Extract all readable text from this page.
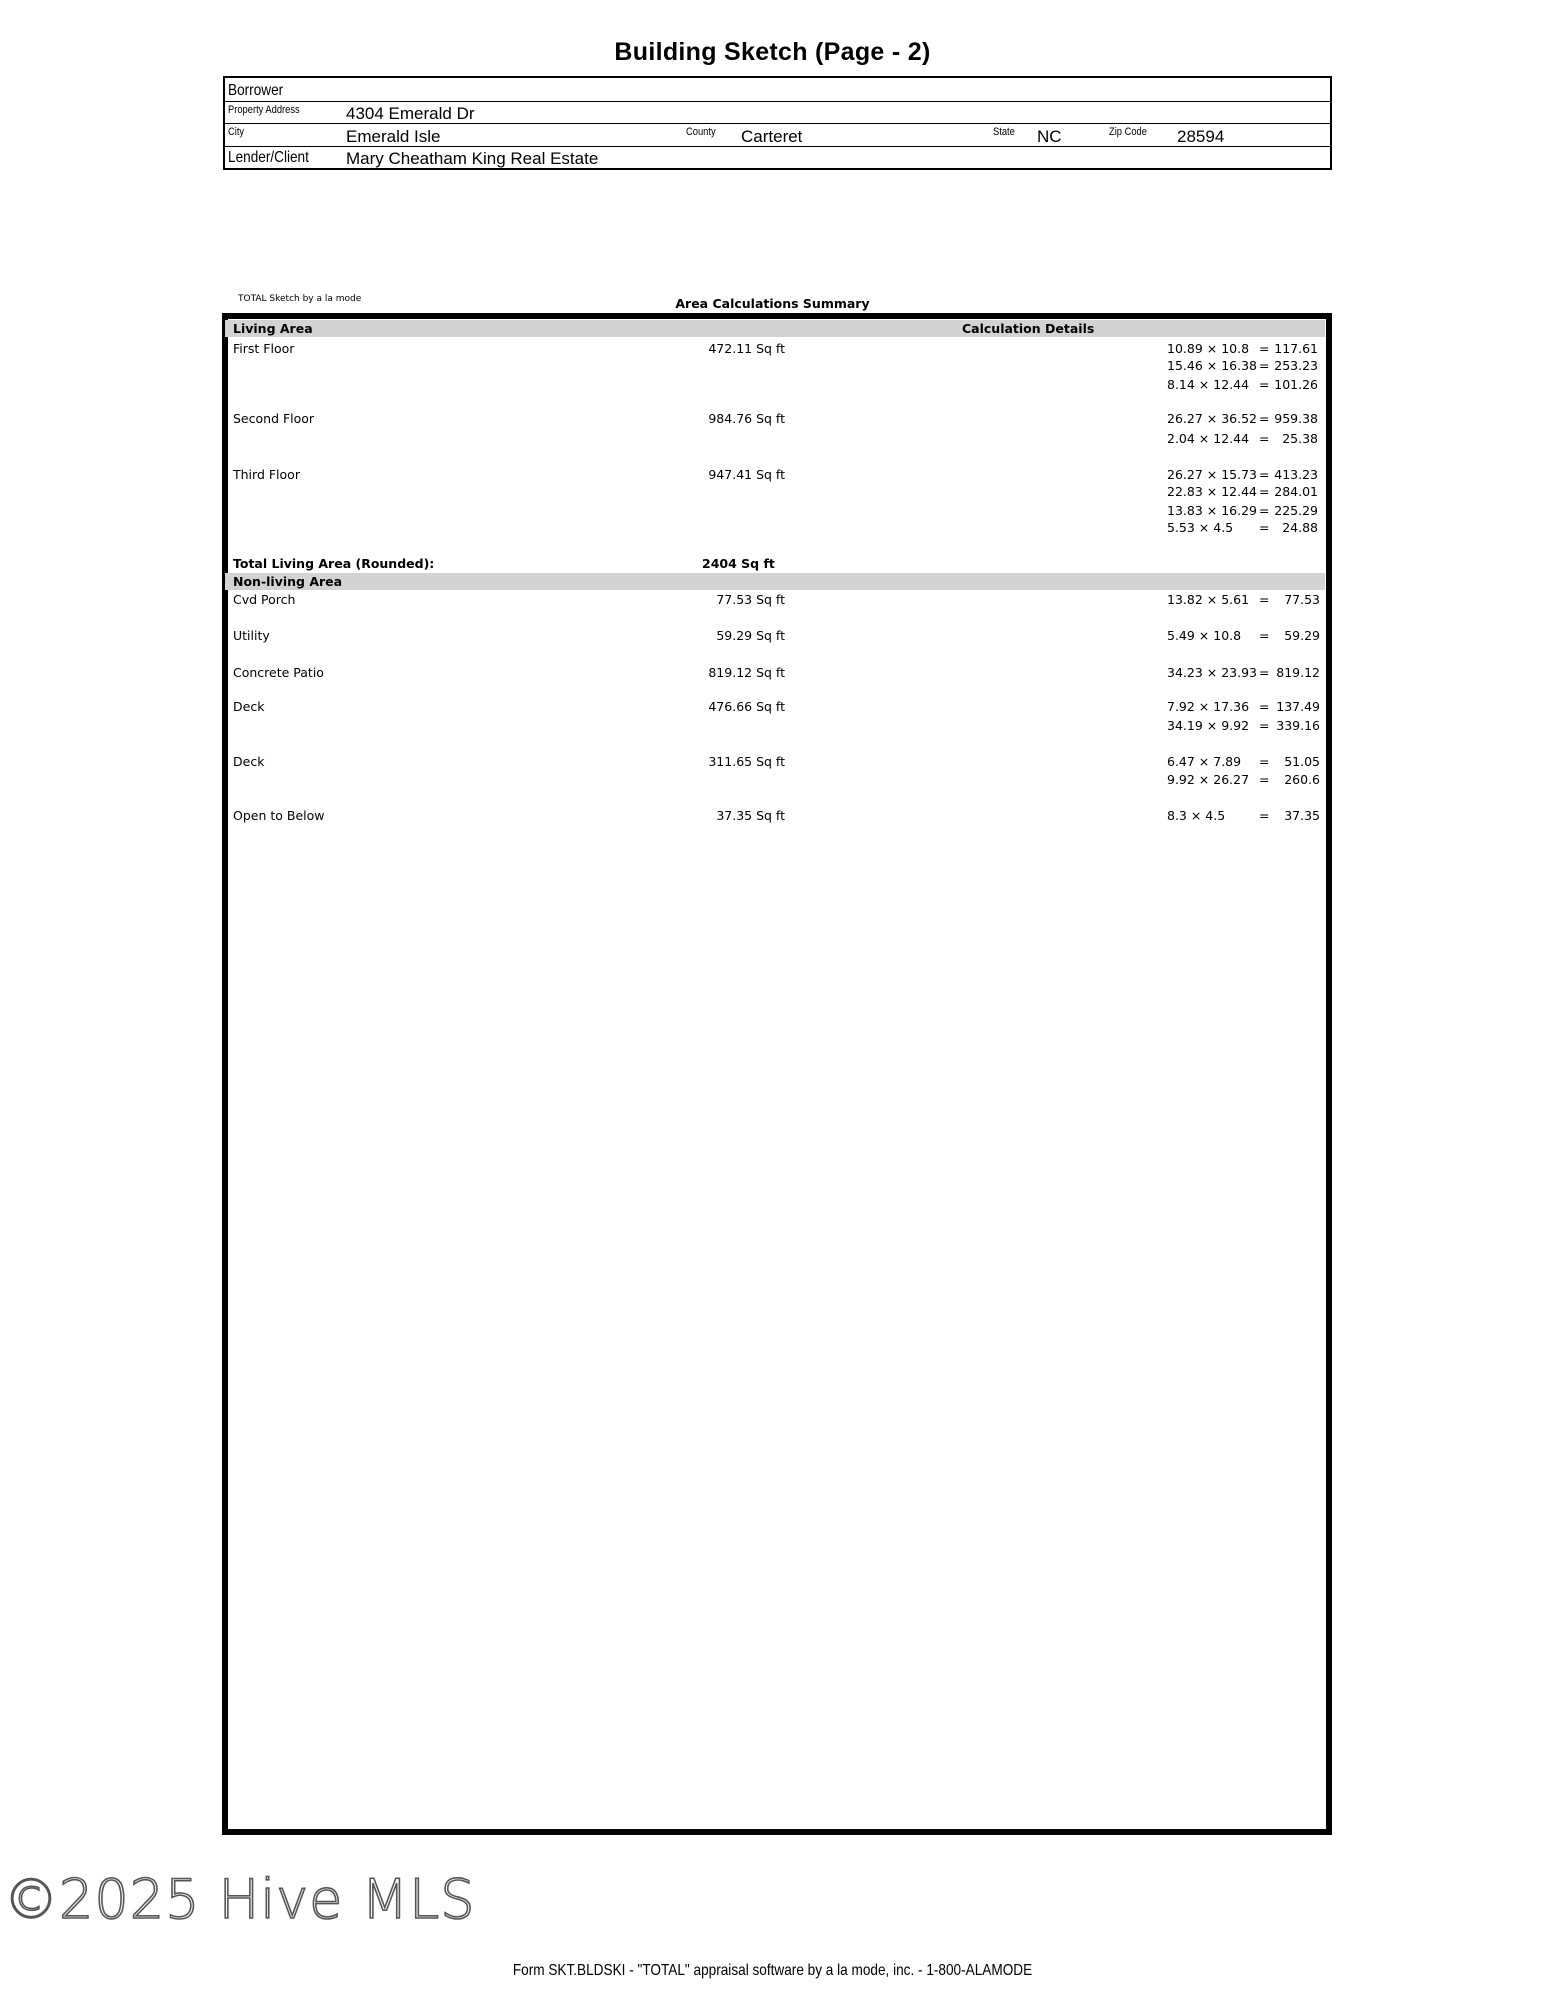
Building Sketch (Page - 2)
Borrower
Property Address	4304 Emerald Dr
City	Emerald Isle	County Carteret	State NC	Zip Code 28594
Lender/Client Mary Cheatham King Real Estate
TOTAL Sketch by a la mode	Area Calculations Summary
Living Area	Calculation Details
First Floor	472.11 Sq ft	10.89 × 10.8 = 117.61
15.46 × 16.38 = 253.23
8.14 × 12.44 = 101.26
Second Floor	984.76 Sq ft	26.27 × 36.52 = 959.38
2.04 × 12.44 =	25.38
Third Floor	947.41 Sq ft	26.27 × 15.73 = 413.23
22.83 × 12.44 = 284.01
13.83 × 16.29 = 225.29
5.53 × 4.5 =	24.88
Total Living Area (Rounded):	2404 Sq ft
Non-living Area
Cvd Porch	77.53 Sq ft	13.82 × 5.61 =	77.53
Utility	59.29 Sq ft	5.49 × 10.8 =	59.29
Concrete Patio	819.12 Sq ft	34.23 × 23.93 = 819.12
Deck	476.66 Sq ft	7.92 × 17.36 = 137.49
34.19 × 9.92 = 339.16
Deck	311.65 Sq ft	6.47 × 7.89 =	51.05
9.92 × 26.27 =	260.6
Open to Below	37.35 Sq ft	8.3 × 4.5	=	37.35
©2025 Hive MLS
Form SKT.BLDSKI - "TOTAL" appraisal software by a la mode, inc. - 1-800-ALAMODE
